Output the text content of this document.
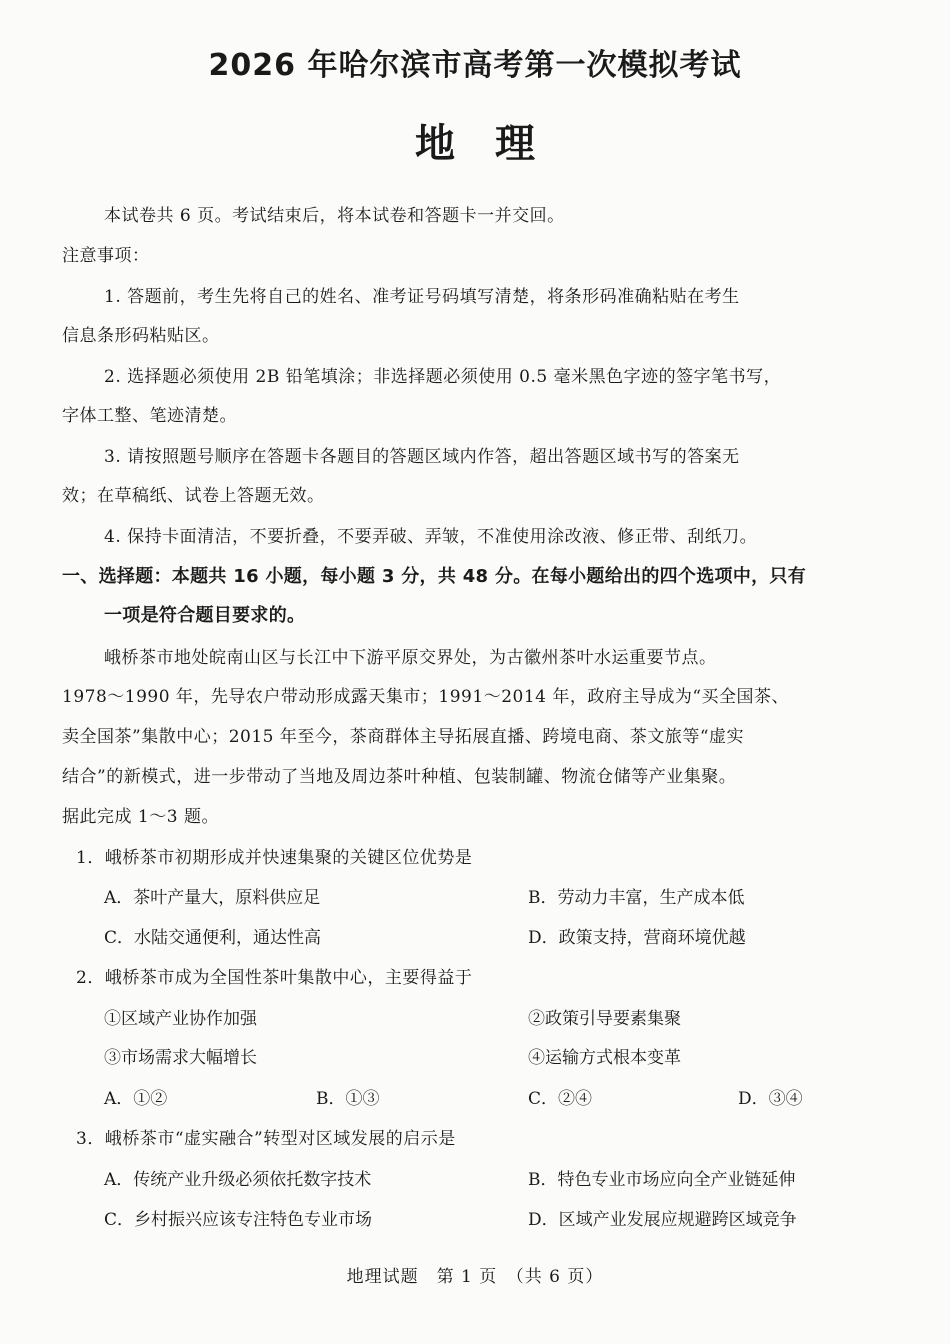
2026 年哈尔滨市高考第一次模拟考试
地理
本试卷共 6 页。考试结束后，将本试卷和答题卡一并交回。
注意事项：
1. 答题前，考生先将自己的姓名、准考证号码填写清楚，将条形码准确粘贴在考生
信息条形码粘贴区。
2. 选择题必须使用 2B 铅笔填涂；非选择题必须使用 0.5 毫米黑色字迹的签字笔书写，
字体工整、笔迹清楚。
3. 请按照题号顺序在答题卡各题目的答题区域内作答，超出答题区域书写的答案无
效；在草稿纸、试卷上答题无效。
4. 保持卡面清洁，不要折叠，不要弄破、弄皱，不准使用涂改液、修正带、刮纸刀。
一、选择题：本题共 16 小题，每小题 3 分，共 48 分。在每小题给出的四个选项中，只有
一项是符合题目要求的。
峨桥茶市地处皖南山区与长江中下游平原交界处，为古徽州茶叶水运重要节点。
1978～1990 年，先导农户带动形成露天集市；1991～2014 年，政府主导成为“买全国茶、
卖全国茶”集散中心；2015 年至今，茶商群体主导拓展直播、跨境电商、茶文旅等“虚实
结合”的新模式，进一步带动了当地及周边茶叶种植、包装制罐、物流仓储等产业集聚。
据此完成 1～3 题。
1．峨桥茶市初期形成并快速集聚的关键区位优势是
A．茶叶产量大，原料供应足	B．劳动力丰富，生产成本低
C．水陆交通便利，通达性高	D．政策支持，营商环境优越
2．峨桥茶市成为全国性茶叶集散中心，主要得益于
①区域产业协作加强	②政策引导要素集聚
③市场需求大幅增长	④运输方式根本变革
A．①②	B．①③	C．②④	D．③④
3．峨桥茶市“虚实融合”转型对区域发展的启示是
A．传统产业升级必须依托数字技术	B．特色专业市场应向全产业链延伸
C．乡村振兴应该专注特色专业市场	D．区域产业发展应规避跨区域竞争
地理试题　第 1 页　（共 6 页）
